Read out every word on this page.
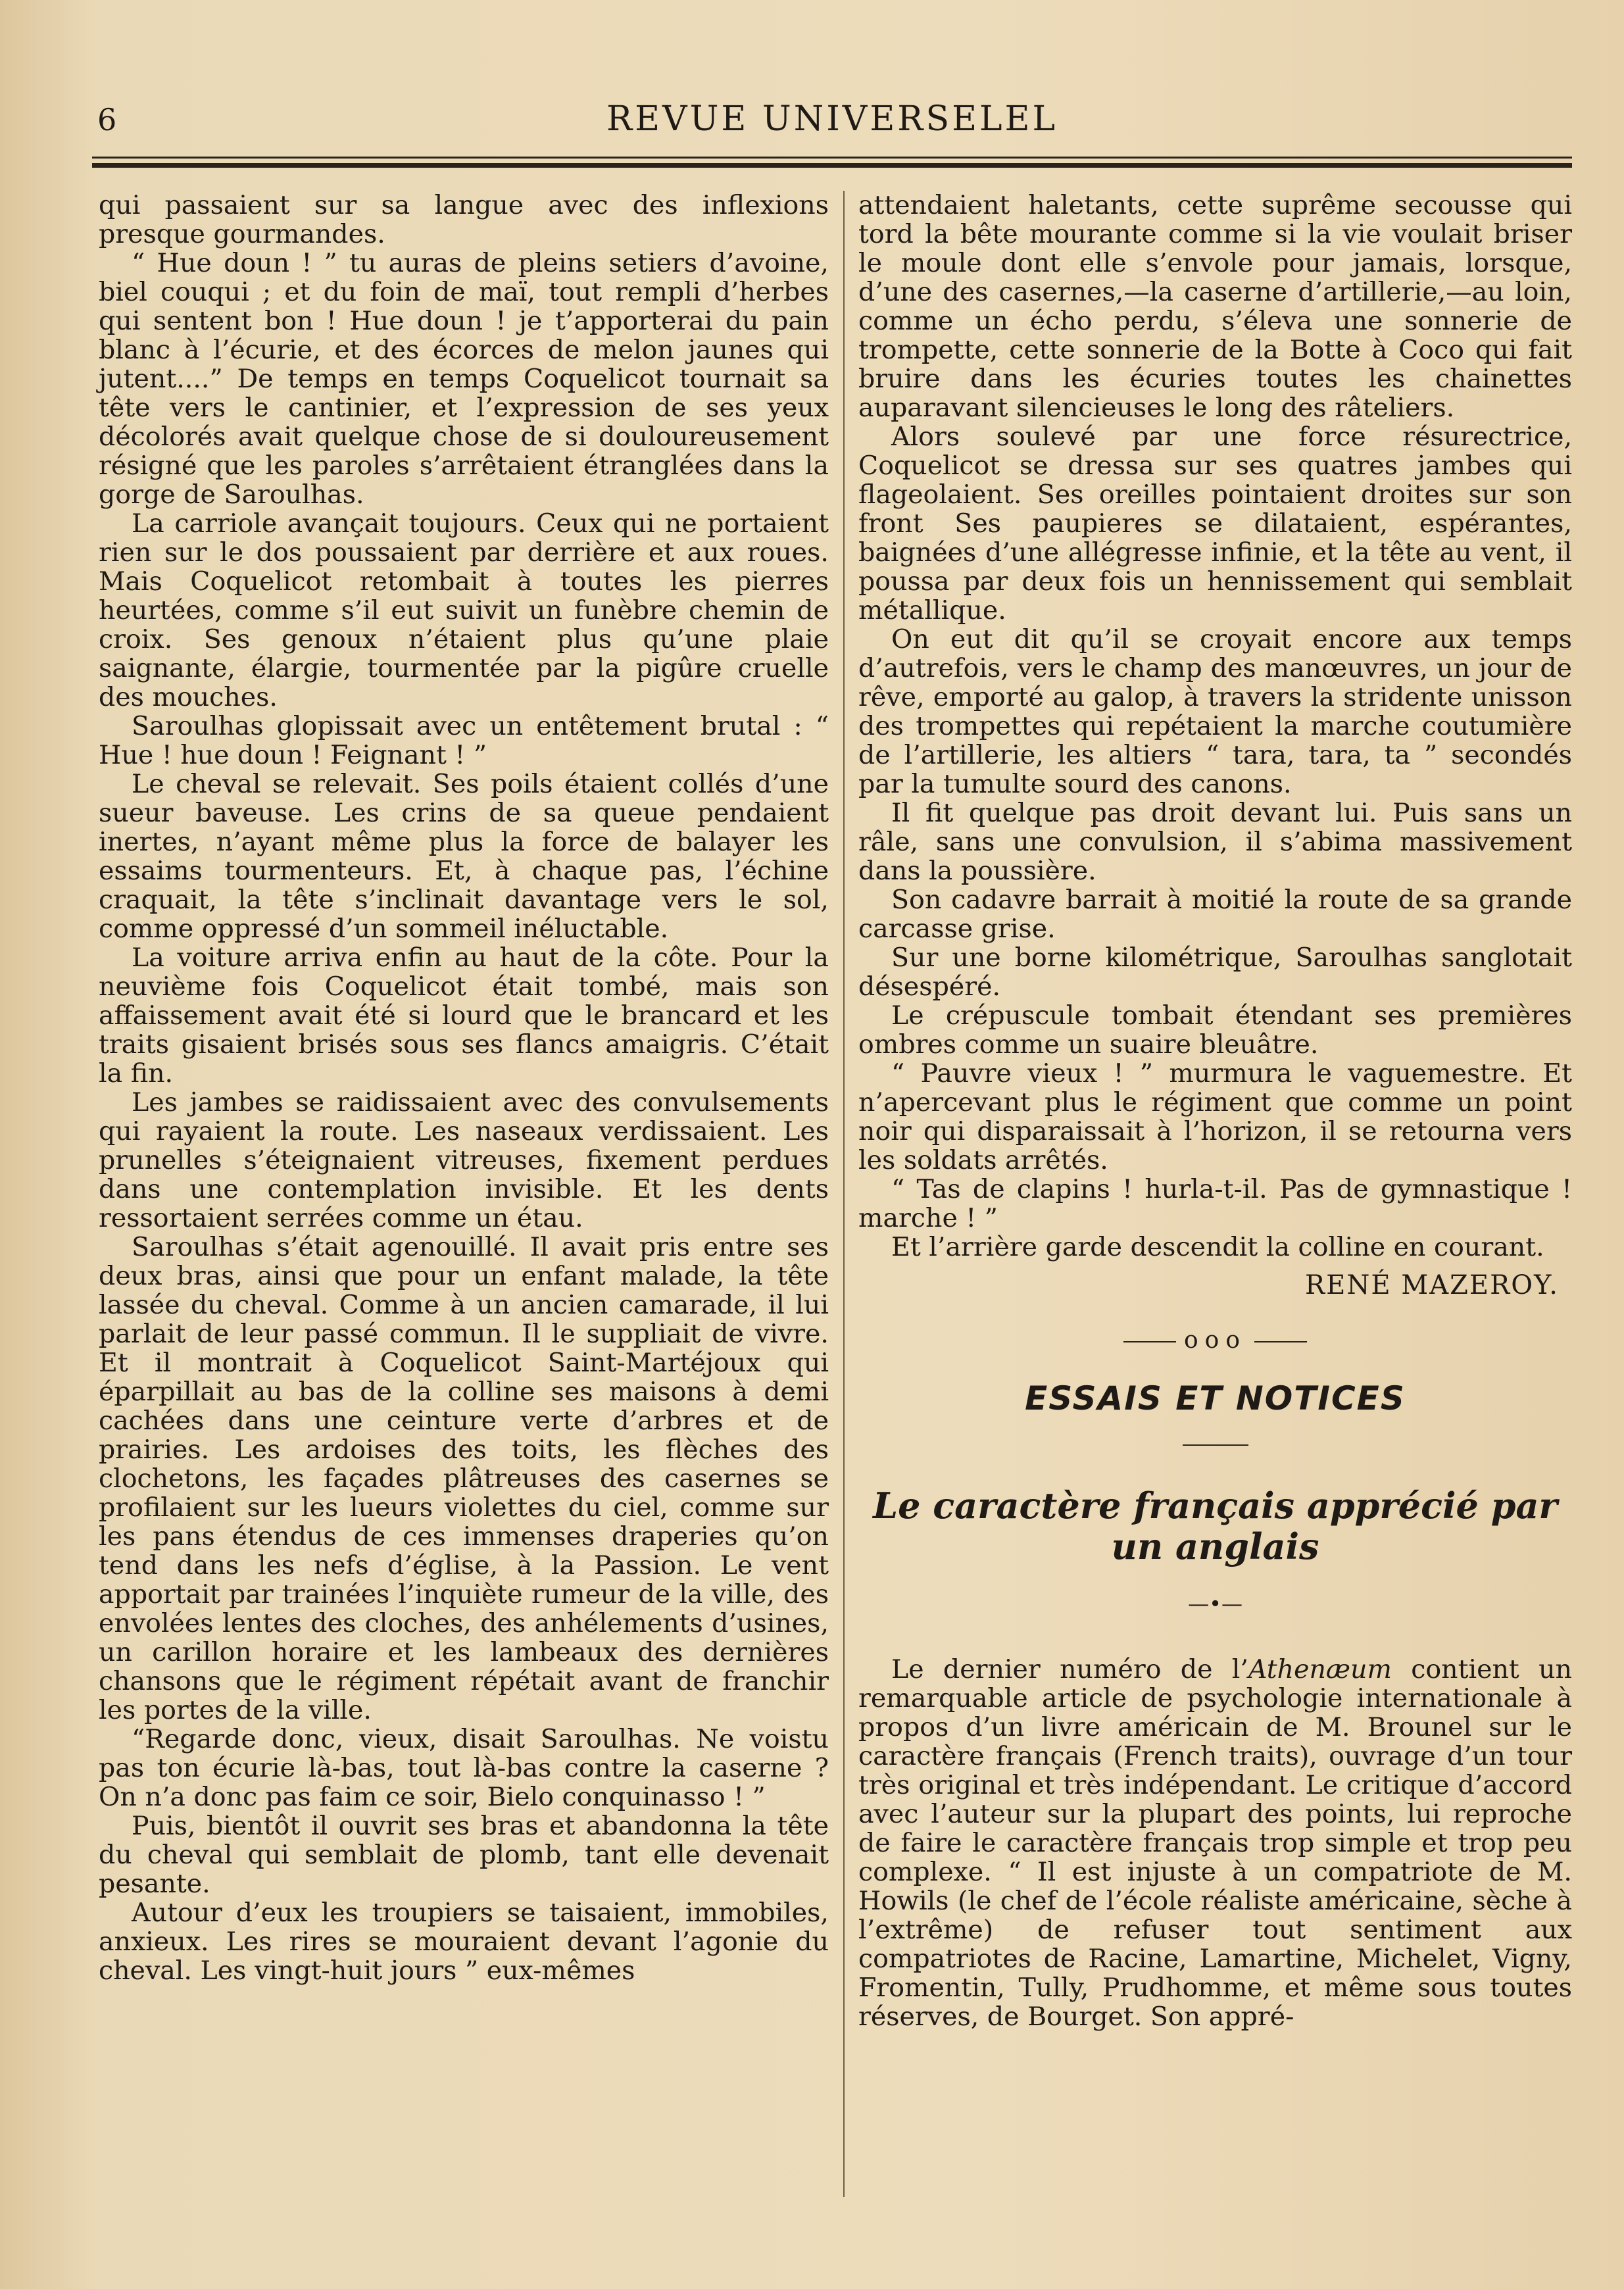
6	REVUE UNIVERSELEL

qui passaient sur sa langue avec des inflexions presque gourmandes.

“ Hue doun ! ” tu auras de pleins setiers d’avoine, biel couqui ; et du foin de maï, tout rempli d’herbes qui sentent bon ! Hue doun ! je t’apporterai du pain blanc à l’écurie, et des écorces de melon jaunes qui jutent....” De temps en temps Coquelicot tournait sa tête vers le cantinier, et l’expression de ses yeux décolorés avait quelque chose de si douloureusement résigné que les paroles s’arrêtaient étranglées dans la gorge de Saroulhas.

La carriole avançait toujours. Ceux qui ne portaient rien sur le dos poussaient par derrière et aux roues. Mais Coquelicot retombait à toutes les pierres heurtées, comme s’il eut suivit un funèbre chemin de croix. Ses genoux n’étaient plus qu’une plaie saignante, élargie, tourmentée par la pigûre cruelle des mouches.

Saroulhas glopissait avec un entêtement brutal : “ Hue ! hue doun ! Feignant ! ”

Le cheval se relevait. Ses poils étaient collés d’une sueur baveuse. Les crins de sa queue pendaient inertes, n’ayant même plus la force de balayer les essaims tourmenteurs. Et, à chaque pas, l’échine craquait, la tête s’inclinait davantage vers le sol, comme oppressé d’un sommeil inéluctable.

La voiture arriva enfin au haut de la côte. Pour la neuvième fois Coquelicot était tombé, mais son affaissement avait été si lourd que le brancard et les traits gisaient brisés sous ses flancs amaigris. C’était la fin.

Les jambes se raidissaient avec des convulsements qui rayaient la route. Les naseaux verdissaient. Les prunelles s’éteignaient vitreuses, fixement perdues dans une contemplation invisible. Et les dents ressortaient serrées comme un étau.

Saroulhas s’était agenouillé. Il avait pris entre ses deux bras, ainsi que pour un enfant malade, la tête lassée du cheval. Comme à un ancien camarade, il lui parlait de leur passé commun. Il le suppliait de vivre. Et il montrait à Coquelicot Saint-Martéjoux qui éparpillait au bas de la colline ses maisons à demi cachées dans une ceinture verte d’arbres et de prairies. Les ardoises des toits, les flèches des clochetons, les façades plâtreuses des casernes se profilaient sur les lueurs violettes du ciel, comme sur les pans étendus de ces immenses draperies qu’on tend dans les nefs d’église, à la Passion. Le vent apportait par trainées l’inquiète rumeur de la ville, des envolées lentes des cloches, des anhélements d’usines, un carillon horaire et les lambeaux des dernières chansons que le régiment répétait avant de franchir les portes de la ville.

“Regarde donc, vieux, disait Saroulhas. Ne voistu pas ton écurie là-bas, tout là-bas contre la caserne ? On n’a donc pas faim ce soir, Bielo conquinasso ! ”

Puis, bientôt il ouvrit ses bras et abandonna la tête du cheval qui semblait de plomb, tant elle devenait pesante.

Autour d’eux les troupiers se taisaient, immobiles, anxieux. Les rires se mouraient devant l’agonie du cheval. Les vingt-huit jours ” eux-mêmes

attendaient haletants, cette suprême secousse qui tord la bête mourante comme si la vie voulait briser le moule dont elle s’envole pour jamais, lorsque, d’une des casernes,—la caserne d’artillerie,—au loin, comme un écho perdu, s’éleva une sonnerie de trompette, cette sonnerie de la Botte à Coco qui fait bruire dans les écuries toutes les chainettes auparavant silencieuses le long des râteliers.

Alors soulevé par une force résurectrice, Coquelicot se dressa sur ses quatres jambes qui flageolaient. Ses oreilles pointaient droites sur son front Ses paupieres se dilataient, espérantes, baignées d’une allégresse infinie, et la tête au vent, il poussa par deux fois un hennissement qui semblait métallique.

On eut dit qu’il se croyait encore aux temps d’autrefois, vers le champ des manœuvres, un jour de rêve, emporté au galop, à travers la stridente unisson des trompettes qui repétaient la marche coutumière de l’artillerie, les altiers “ tara, tara, ta ” secondés par la tumulte sourd des canons.

Il fit quelque pas droit devant lui. Puis sans un râle, sans une convulsion, il s’abima massivement dans la poussière.

Son cadavre barrait à moitié la route de sa grande carcasse grise.

Sur une borne kilométrique, Saroulhas sanglotait désespéré.

Le crépuscule tombait étendant ses premières ombres comme un suaire bleuâtre.

“ Pauvre vieux ! ” murmura le vaguemestre. Et n’apercevant plus le régiment que comme un point noir qui disparaissait à l’horizon, il se retourna vers les soldats arrêtés.

“ Tas de clapins ! hurla-t-il. Pas de gymnastique ! marche ! ”

Et l’arrière garde descendit la colline en courant.

RENÉ MAZEROY.
ooo
ESSAIS ET NOTICES
Le caractère français apprécié par un anglais
—•—

Le dernier numéro de l’Athenæum contient un remarquable article de psychologie internationale à propos d’un livre américain de M. Brounel sur le caractère français (French traits), ouvrage d’un tour très original et très indépendant. Le critique d’accord avec l’auteur sur la plupart des points, lui reproche de faire le caractère français trop simple et trop peu complexe. “ Il est injuste à un compatriote de M. Howils (le chef de l’école réaliste américaine, sèche à l’extrême) de refuser tout sentiment aux compatriotes de Racine, Lamartine, Michelet, Vigny, Fromentin, Tully, Prudhomme, et même sous toutes réserves, de Bourget. Son appré-
